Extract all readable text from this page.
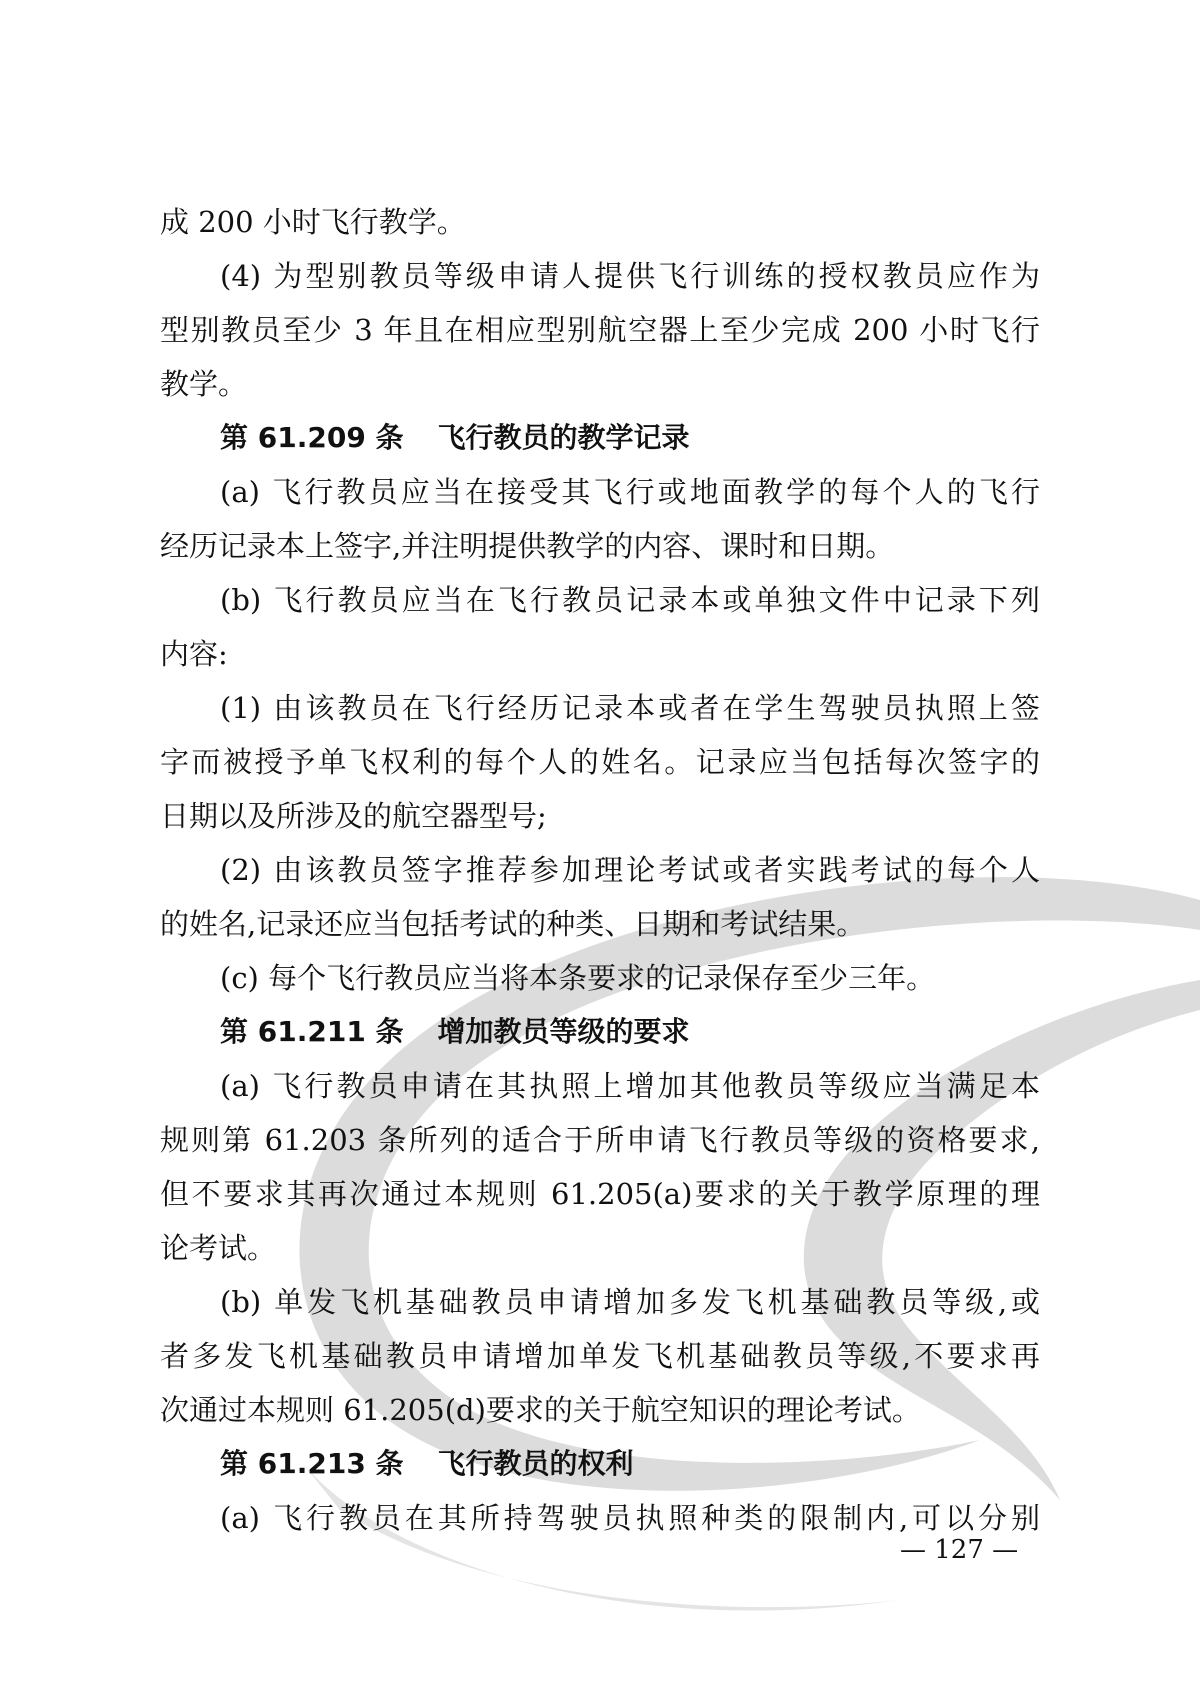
成 200 小时飞行教学。
(4) 为型别教员等级申请人提供飞行训练的授权教员应作为
型别教员至少 3 年且在相应型别航空器上至少完成 200 小时飞行
教学。
第 61.209 条 飞行教员的教学记录
(a) 飞行教员应当在接受其飞行或地面教学的每个人的飞行
经历记录本上签字,并注明提供教学的内容、课时和日期。
(b) 飞行教员应当在飞行教员记录本或单独文件中记录下列
内容:
(1) 由该教员在飞行经历记录本或者在学生驾驶员执照上签
字而被授予单飞权利的每个人的姓名。记录应当包括每次签字的
日期以及所涉及的航空器型号;
(2) 由该教员签字推荐参加理论考试或者实践考试的每个人
的姓名,记录还应当包括考试的种类、日期和考试结果。
(c) 每个飞行教员应当将本条要求的记录保存至少三年。
第 61.211 条 增加教员等级的要求
(a) 飞行教员申请在其执照上增加其他教员等级应当满足本
规则第 61.203 条所列的适合于所申请飞行教员等级的资格要求,
但不要求其再次通过本规则 61.205(a)要求的关于教学原理的理
论考试。
(b) 单发飞机基础教员申请增加多发飞机基础教员等级,或
者多发飞机基础教员申请增加单发飞机基础教员等级,不要求再
次通过本规则 61.205(d)要求的关于航空知识的理论考试。
第 61.213 条 飞行教员的权利
(a) 飞行教员在其所持驾驶员执照种类的限制内,可以分别
— 127 —
